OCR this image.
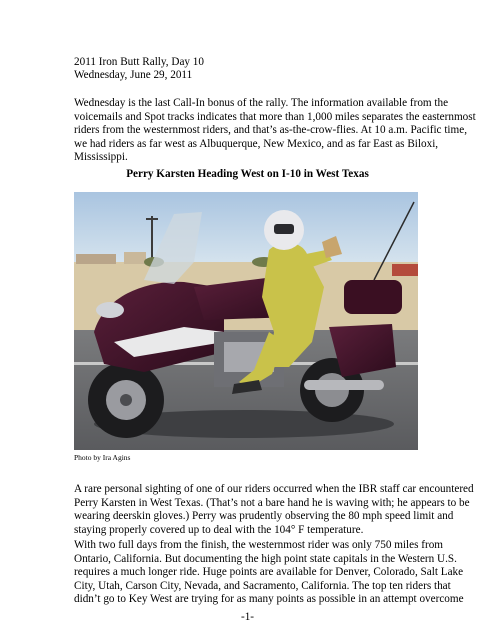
2011 Iron Butt Rally, Day 10
Wednesday, June 29, 2011
Wednesday is the last Call-In bonus of the rally. The information available from the
voicemails and Spot tracks indicates that more than 1,000 miles separates the easternmost
riders from the westernmost riders, and that’s as-the-crow-flies. At 10 a.m. Pacific time,
we had riders as far west as Albuquerque, New Mexico, and as far East as Biloxi,
Mississippi.
Perry Karsten Heading West on I-10 in West Texas
Photo by Ira Agins
A rare personal sighting of one of our riders occurred when the IBR staff car encountered
Perry Karsten in West Texas. (That’s not a bare hand he is waving with; he appears to be
wearing deerskin gloves.) Perry was prudently observing the 80 mph speed limit and
staying properly covered up to deal with the 104° F temperature.
With two full days from the finish, the westernmost rider was only 750 miles from
Ontario, California. But documenting the high point state capitals in the Western U.S.
requires a much longer ride. Huge points are available for Denver, Colorado, Salt Lake
City, Utah, Carson City, Nevada, and Sacramento, California. The top ten riders that
didn’t go to Key West are trying for as many points as possible in an attempt overcome
-1-
